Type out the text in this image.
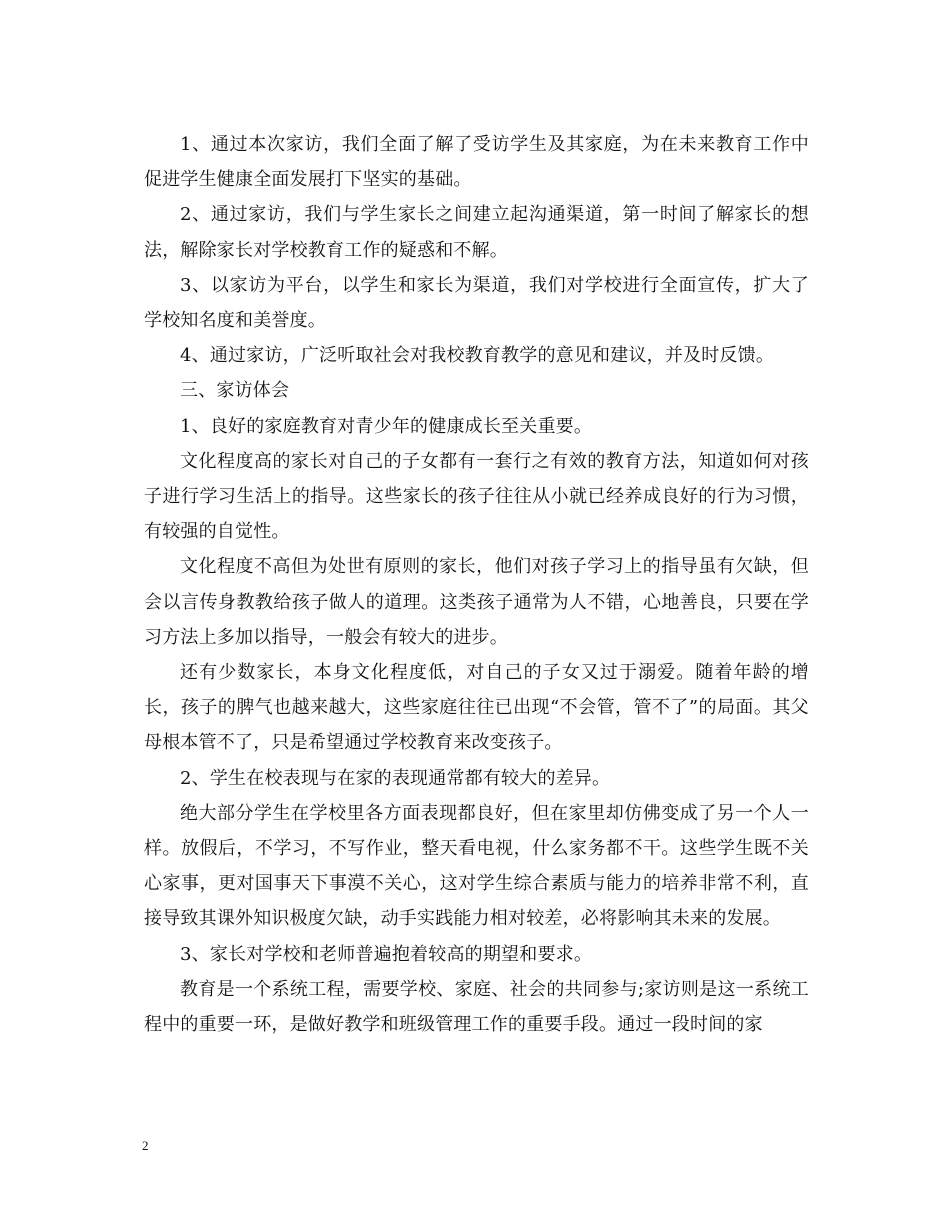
1、通过本次家访，我们全面了解了受访学生及其家庭，为在未来教育工作中促进学生健康全面发展打下坚实的基础。

2、通过家访，我们与学生家长之间建立起沟通渠道，第一时间了解家长的想法，解除家长对学校教育工作的疑惑和不解。

3、以家访为平台，以学生和家长为渠道，我们对学校进行全面宣传，扩大了学校知名度和美誉度。

4、通过家访，广泛听取社会对我校教育教学的意见和建议，并及时反馈。

三、家访体会

1、良好的家庭教育对青少年的健康成长至关重要。

文化程度高的家长对自己的子女都有一套行之有效的教育方法，知道如何对孩子进行学习生活上的指导。这些家长的孩子往往从小就已经养成良好的行为习惯，有较强的自觉性。

文化程度不高但为处世有原则的家长，他们对孩子学习上的指导虽有欠缺，但会以言传身教教给孩子做人的道理。这类孩子通常为人不错，心地善良，只要在学习方法上多加以指导，一般会有较大的进步。

还有少数家长，本身文化程度低，对自己的子女又过于溺爱。随着年龄的增长，孩子的脾气也越来越大，这些家庭往往已出现“不会管，管不了”的局面。其父母根本管不了，只是希望通过学校教育来改变孩子。

2、学生在校表现与在家的表现通常都有较大的差异。

绝大部分学生在学校里各方面表现都良好，但在家里却仿佛变成了另一个人一样。放假后，不学习，不写作业，整天看电视，什么家务都不干。这些学生既不关心家事，更对国事天下事漠不关心，这对学生综合素质与能力的培养非常不利，直接导致其课外知识极度欠缺，动手实践能力相对较差，必将影响其未来的发展。

3、家长对学校和老师普遍抱着较高的期望和要求。

教育是一个系统工程，需要学校、家庭、社会的共同参与;家访则是这一系统工程中的重要一环，是做好教学和班级管理工作的重要手段。通过一段时间的家

2
